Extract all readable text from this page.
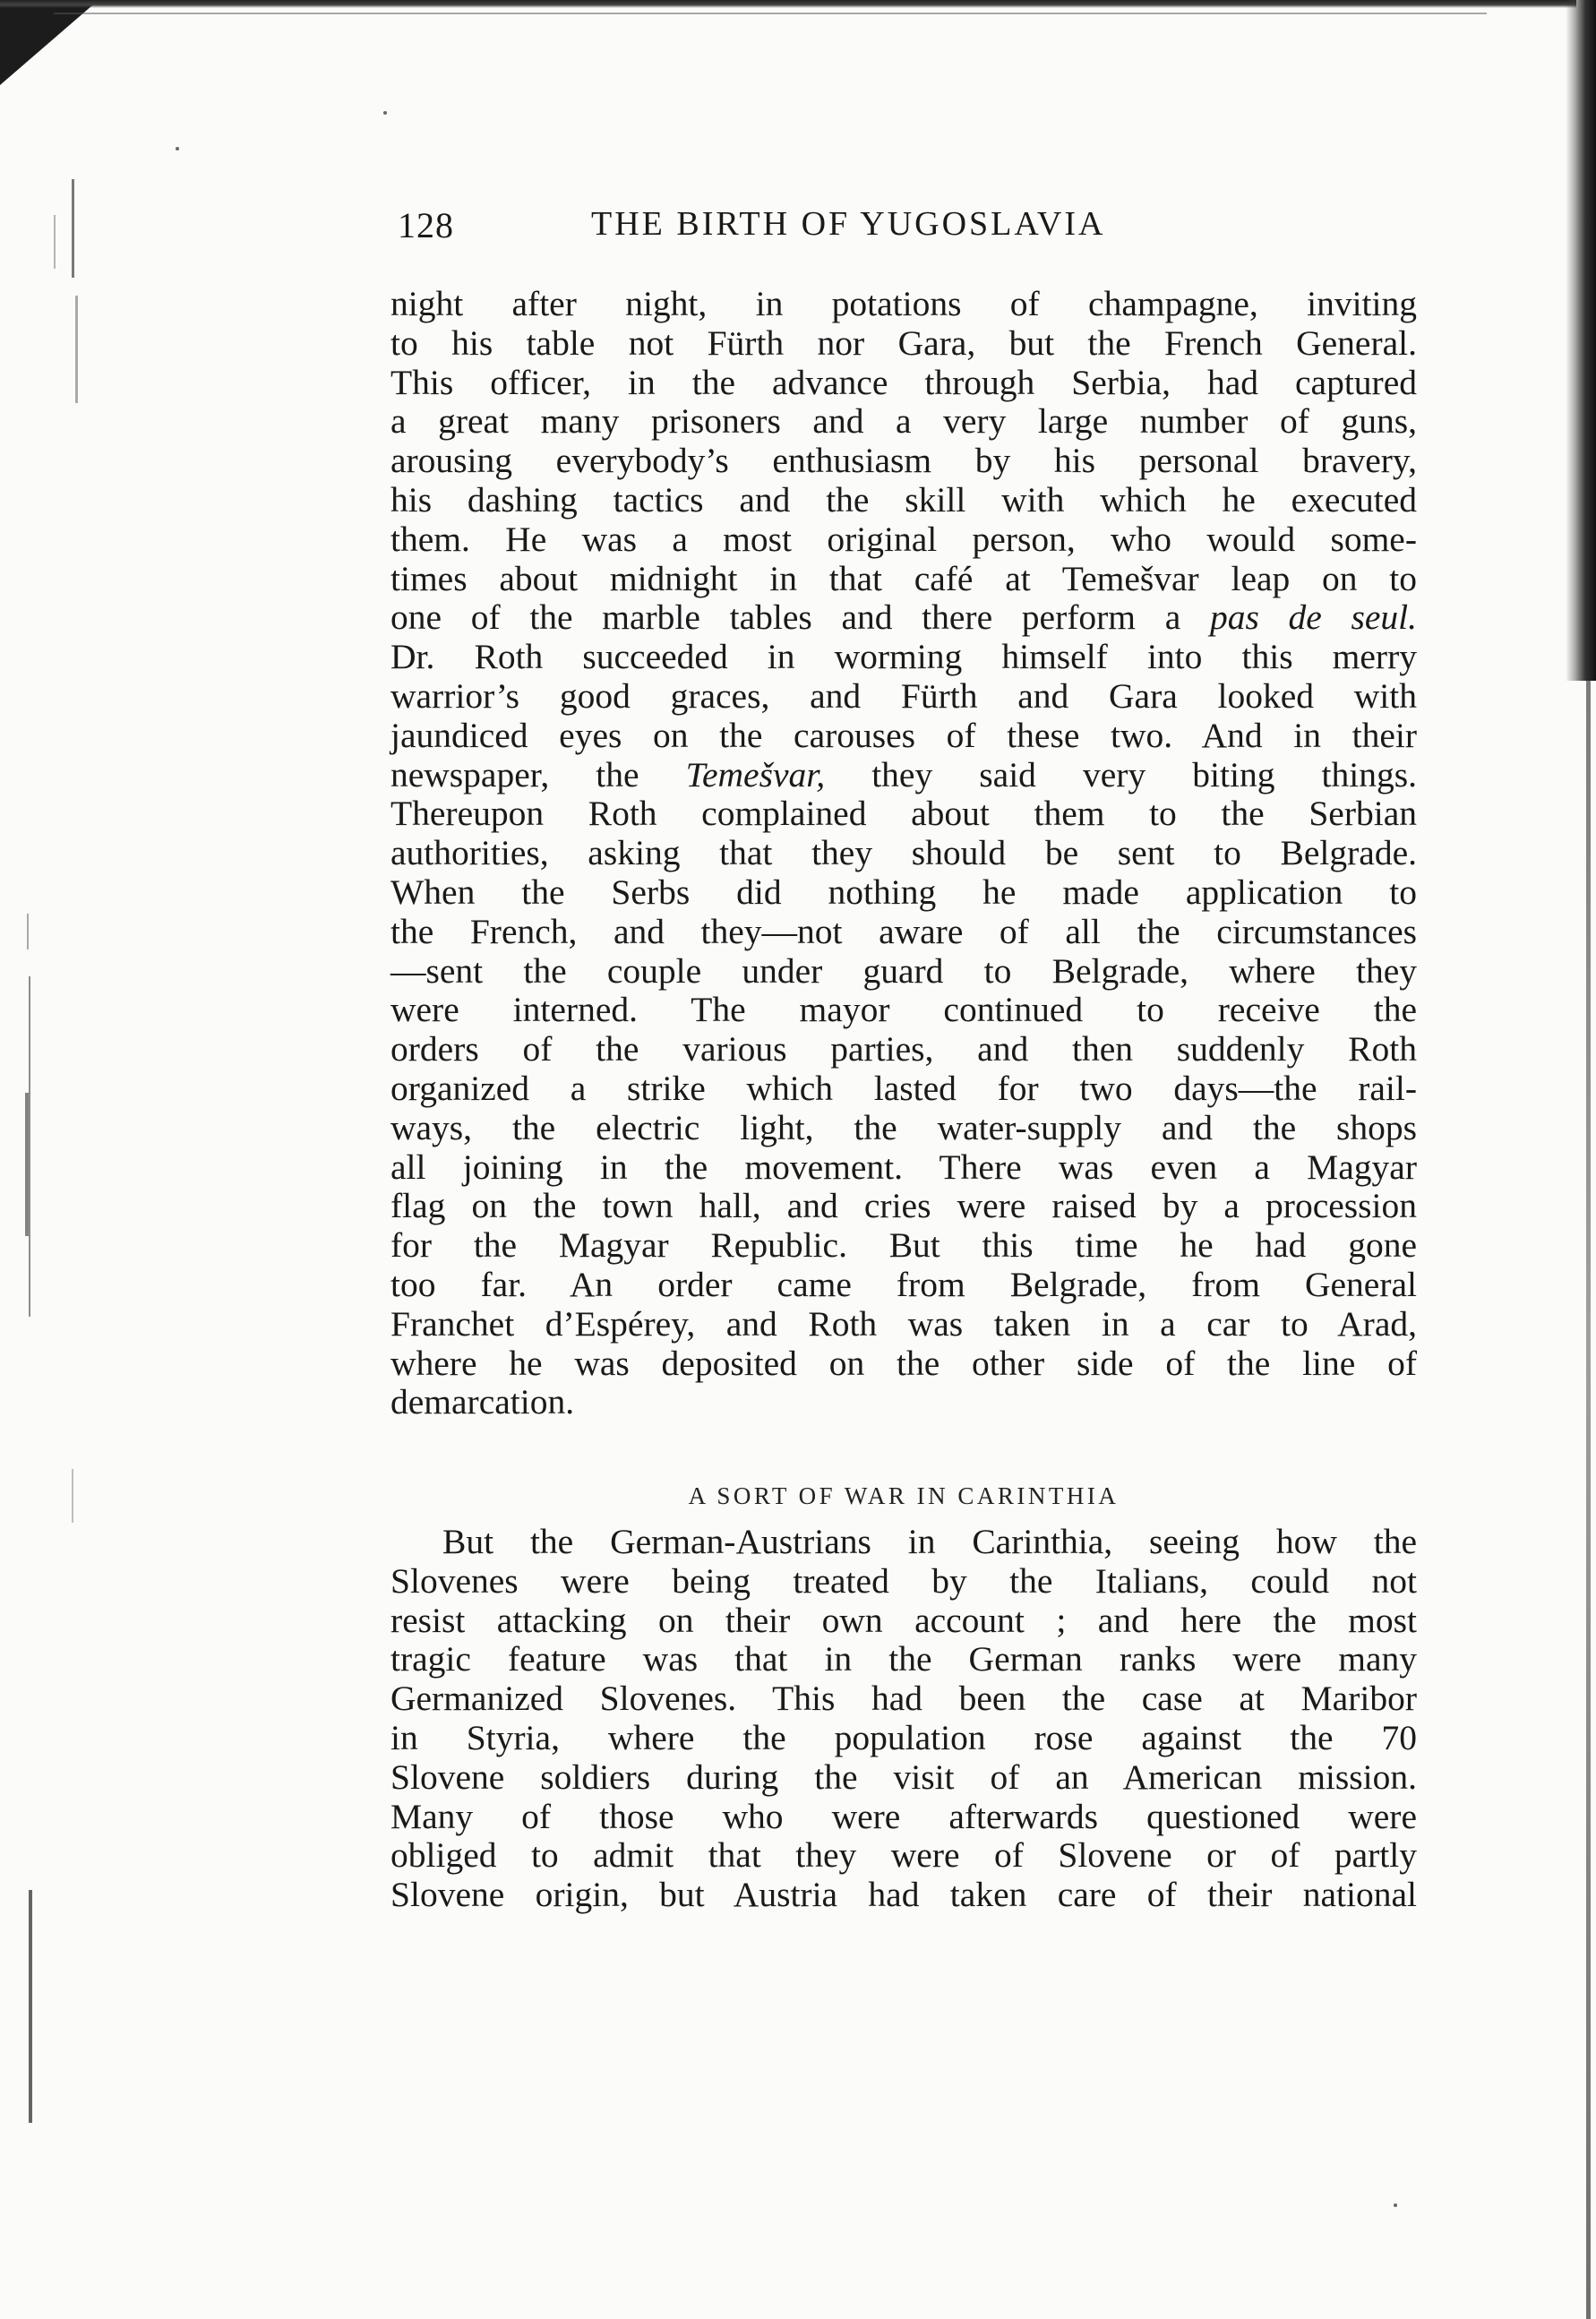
128	THE BIRTH OF YUGOSLAVIA
night after night, in potations of champagne, inviting
to his table not Fürth nor Gara, but the French General.
This officer, in the advance through Serbia, had captured
a great many prisoners and a very large number of guns,
arousing everybody’s enthusiasm by his personal bravery,
his dashing tactics and the skill with which he executed
them. He was a most original person, who would some-
times about midnight in that café at Temešvar leap on to
one of the marble tables and there perform a pas de seul.
Dr. Roth succeeded in worming himself into this merry
warrior’s good graces, and Fürth and Gara looked with
jaundiced eyes on the carouses of these two. And in their
newspaper, the Temešvar, they said very biting things.
Thereupon Roth complained about them to the Serbian
authorities, asking that they should be sent to Belgrade.
When the Serbs did nothing he made application to
the French, and they—not aware of all the circumstances
—sent the couple under guard to Belgrade, where they
were interned. The mayor continued to receive the
orders of the various parties, and then suddenly Roth
organized a strike which lasted for two days—the rail-
ways, the electric light, the water-supply and the shops
all joining in the movement. There was even a Magyar
flag on the town hall, and cries were raised by a procession
for the Magyar Republic. But this time he had gone
too far. An order came from Belgrade, from General
Franchet d’Espérey, and Roth was taken in a car to Arad,
where he was deposited on the other side of the line of
demarcation.
A SORT OF WAR IN CARINTHIA
But the German-Austrians in Carinthia, seeing how the
Slovenes were being treated by the Italians, could not
resist attacking on their own account ; and here the most
tragic feature was that in the German ranks were many
Germanized Slovenes. This had been the case at Maribor
in Styria, where the population rose against the 70
Slovene soldiers during the visit of an American mission.
Many of those who were afterwards questioned were
obliged to admit that they were of Slovene or of partly
Slovene origin, but Austria had taken care of their national
